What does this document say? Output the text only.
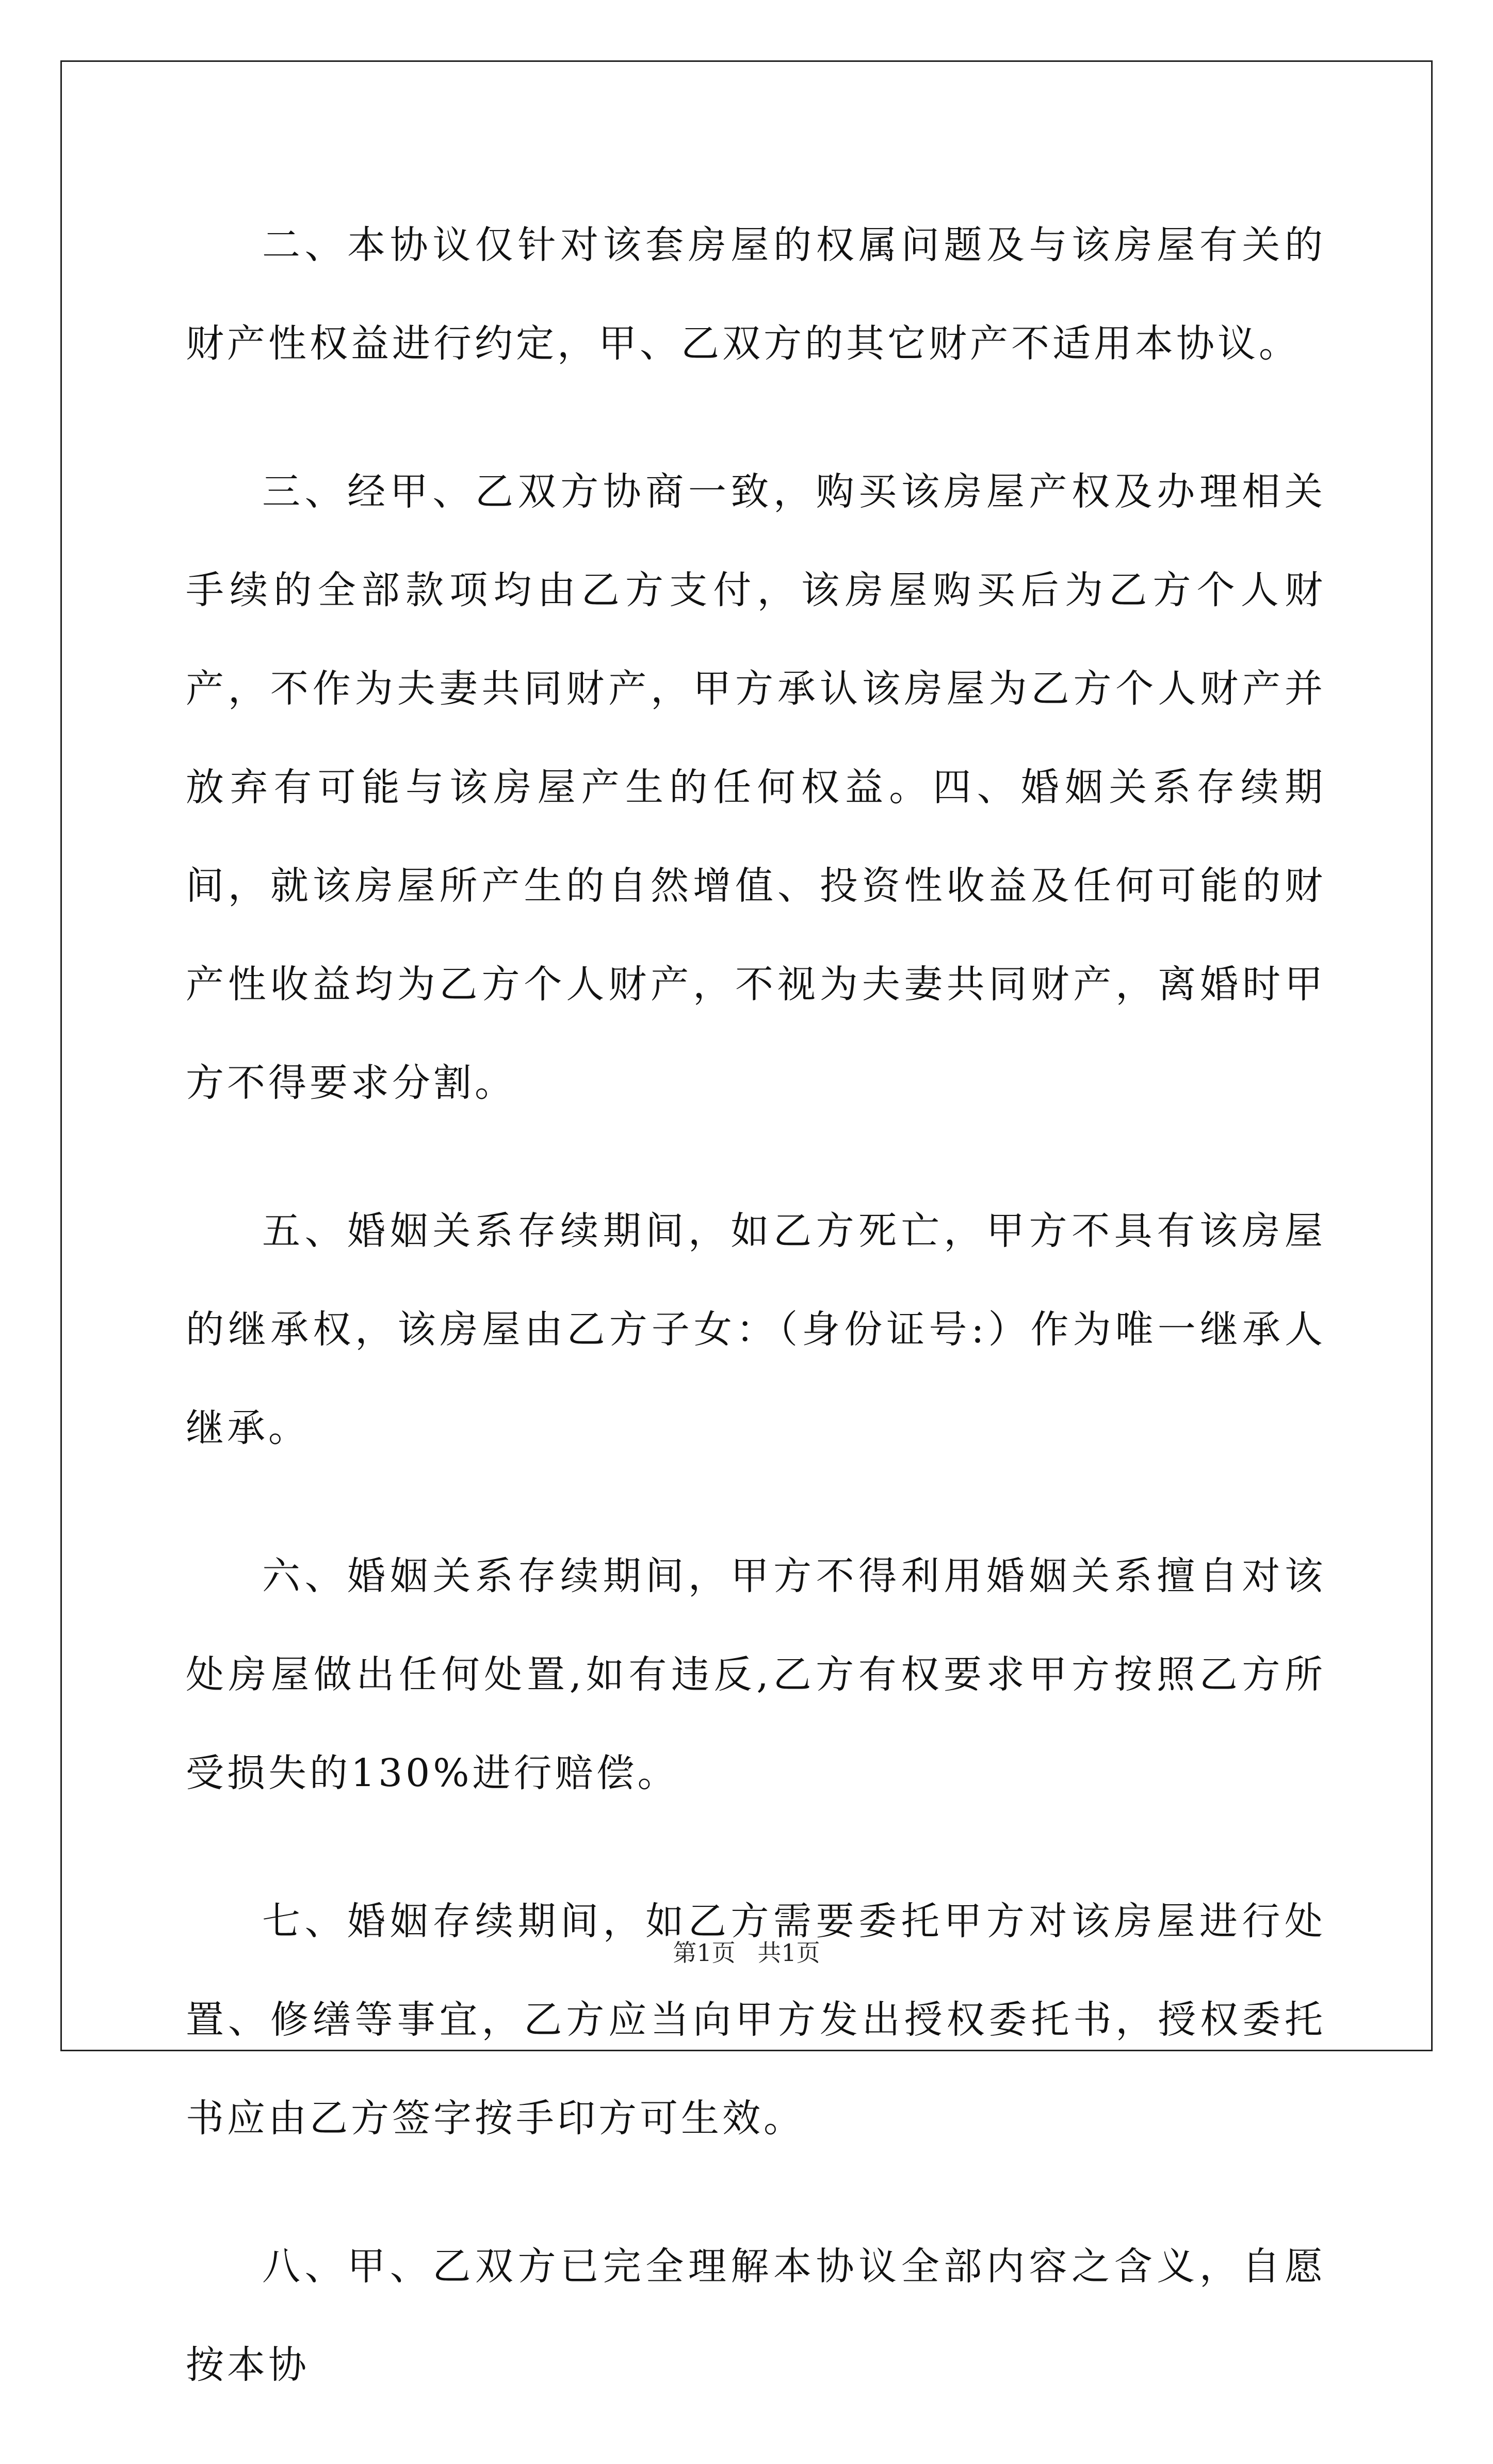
二、本协议仅针对该套房屋的权属问题及与该房屋有关的财产性权益进行约定，甲、乙双方的其它财产不适用本协议。

三、经甲、乙双方协商一致，购买该房屋产权及办理相关手续的全部款项均由乙方支付，该房屋购买后为乙方个人财产，不作为夫妻共同财产，甲方承认该房屋为乙方个人财产并放弃有可能与该房屋产生的任何权益。四、婚姻关系存续期间，就该房屋所产生的自然增值、投资性收益及任何可能的财产性收益均为乙方个人财产，不视为夫妻共同财产，离婚时甲方不得要求分割。

五、婚姻关系存续期间，如乙方死亡，甲方不具有该房屋的继承权，该房屋由乙方子女：（身份证号:）作为唯一继承人继承。

六、婚姻关系存续期间，甲方不得利用婚姻关系擅自对该处房屋做出任何处置,如有违反,乙方有权要求甲方按照乙方所受损失的130%进行赔偿。

七、婚姻存续期间，如乙方需要委托甲方对该房屋进行处置、修缮等事宜，乙方应当向甲方发出授权委托书，授权委托书应由乙方签字按手印方可生效。

八、甲、乙双方已完全理解本协议全部内容之含义，自愿按本协

第1页 共1页
